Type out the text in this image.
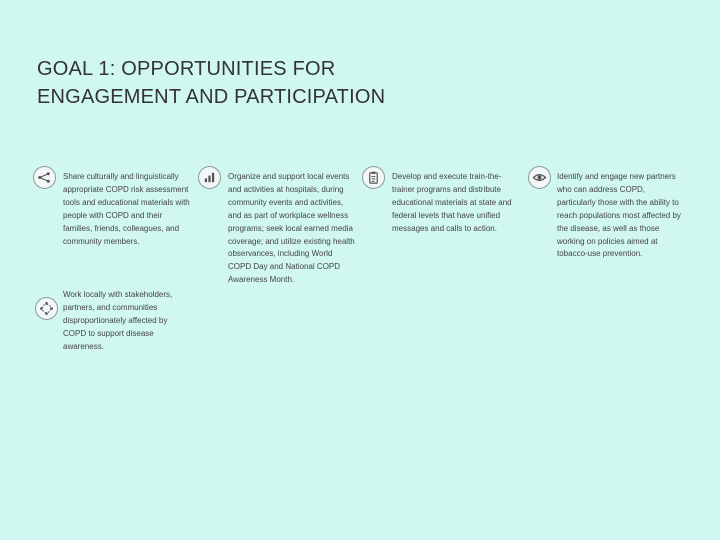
GOAL 1: OPPORTUNITIES FOR
ENGAGEMENT AND PARTICIPATION
Share culturally and linguistically appropriate COPD risk assessment tools and educational materials with people with COPD and their families, friends, colleagues, and community members.
Organize and support local events and activities at hospitals, during community events and activities, and as part of workplace wellness programs; seek local earned media coverage; and utilize existing health observances, including World COPD Day and National COPD Awareness Month.
Develop and execute train-the-trainer programs and distribute educational materials at state and federal levels that have unified messages and calls to action.
Identify and engage new partners who can address COPD, particularly those with the ability to reach populations most affected by the disease, as well as those working on policies aimed at tobacco-use prevention.
Work locally with stakeholders, partners, and communities disproportionately affected by COPD to support disease awareness.
